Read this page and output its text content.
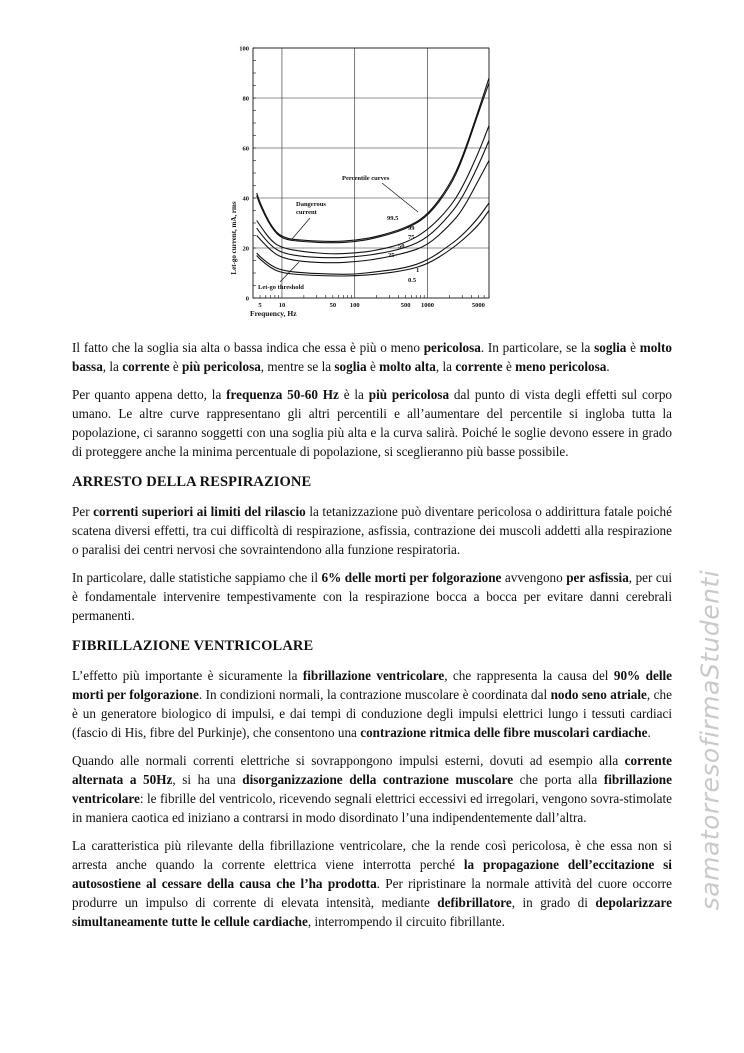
0
20
40
60
80
100
5	10	50 100	500 1000	5000
99.5
99
75
50
25
1
0.5
Frequency, Hz
Let-go current, mA, rms
Percentile curves
Dangerous current
Let-go threshold

Il fatto che la soglia sia alta o bassa indica che essa è più o meno pericolosa. In particolare, se la soglia è molto bassa, la corrente è più pericolosa, mentre se la soglia è molto alta, la corrente è meno pericolosa.

Per quanto appena detto, la frequenza 50-60 Hz è la più pericolosa dal punto di vista degli effetti sul corpo umano. Le altre curve rappresentano gli altri percentili e all’aumentare del percentile si ingloba tutta la popolazione, ci saranno soggetti con una soglia più alta e la curva salirà. Poiché le soglie devono essere in grado di proteggere anche la minima percentuale di popolazione, si sceglieranno più basse possibile.

ARRESTO DELLA RESPIRAZIONE

Per correnti superiori ai limiti del rilascio la tetanizzazione può diventare pericolosa o addirittura fatale poiché scatena diversi effetti, tra cui difficoltà di respirazione, asfissia, contrazione dei muscoli addetti alla respirazione o paralisi dei centri nervosi che sovraintendono alla funzione respiratoria.

In particolare, dalle statistiche sappiamo che il 6% delle morti per folgorazione avvengono per asfissia, per cui è fondamentale intervenire tempestivamente con la respirazione bocca a bocca per evitare danni cerebrali permanenti.

FIBRILLAZIONE VENTRICOLARE

L’effetto più importante è sicuramente la fibrillazione ventricolare, che rappresenta la causa del 90% delle morti per folgorazione. In condizioni normali, la contrazione muscolare è coordinata dal nodo seno atriale, che è un generatore biologico di impulsi, e dai tempi di conduzione degli impulsi elettrici lungo i tessuti cardiaci (fascio di His, fibre del Purkinje), che consentono una contrazione ritmica delle fibre muscolari cardiache.

Quando alle normali correnti elettriche si sovrappongono impulsi esterni, dovuti ad esempio alla corrente alternata a 50Hz, si ha una disorganizzazione della contrazione muscolare che porta alla fibrillazione ventricolare: le fibrille del ventricolo, ricevendo segnali elettrici eccessivi ed irregolari, vengono sovra-stimolate in maniera caotica ed iniziano a contrarsi in modo disordinato l’una indipendentemente dall’altra.

La caratteristica più rilevante della fibrillazione ventricolare, che la rende così pericolosa, è che essa non si arresta anche quando la corrente elettrica viene interrotta perché la propagazione dell’eccitazione si autosostiene al cessare della causa che l’ha prodotta. Per ripristinare la normale attività del cuore occorre produrre un impulso di corrente di elevata intensità, mediante defibrillatore, in grado di depolarizzare simultaneamente tutte le cellule cardiache, interrompendo il circuito fibrillante.

samatorresofirmaStudenti
